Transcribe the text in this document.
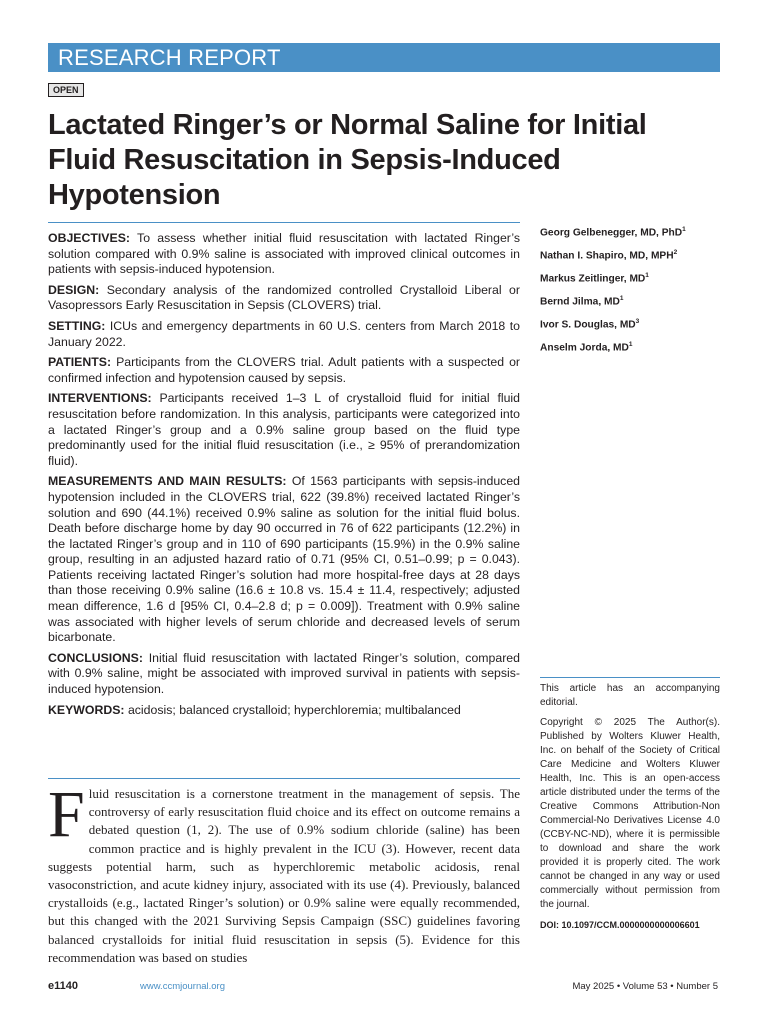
RESEARCH REPORT
OPEN
Lactated Ringer’s or Normal Saline for Initial Fluid Resuscitation in Sepsis-Induced Hypotension

OBJECTIVES: To assess whether initial fluid resuscitation with lactated Ringer’s solution compared with 0.9% saline is associated with improved clinical outcomes in patients with sepsis-induced hypotension.

DESIGN: Secondary analysis of the randomized controlled Crystalloid Liberal or Vasopressors Early Resuscitation in Sepsis (CLOVERS) trial.

SETTING: ICUs and emergency departments in 60 U.S. centers from March 2018 to January 2022.

PATIENTS: Participants from the CLOVERS trial. Adult patients with a suspected or confirmed infection and hypotension caused by sepsis.

INTERVENTIONS: Participants received 1–3 L of crystalloid fluid for initial fluid resuscitation before randomization. In this analysis, participants were categorized into a lactated Ringer’s group and a 0.9% saline group based on the fluid type predominantly used for the initial fluid resuscitation (i.e., ≥ 95% of prerandomization fluid).

MEASUREMENTS AND MAIN RESULTS: Of 1563 participants with sepsis-induced hypotension included in the CLOVERS trial, 622 (39.8%) received lactated Ringer’s solution and 690 (44.1%) received 0.9% saline as solution for the initial fluid bolus. Death before discharge home by day 90 occurred in 76 of 622 participants (12.2%) in the lactated Ringer’s group and in 110 of 690 participants (15.9%) in the 0.9% saline group, resulting in an adjusted hazard ratio of 0.71 (95% CI, 0.51–0.99; p = 0.043). Patients receiving lactated Ringer’s solution had more hospital-free days at 28 days than those receiving 0.9% saline (16.6 ± 10.8 vs. 15.4 ± 11.4, respectively; adjusted mean difference, 1.6 d [95% CI, 0.4–2.8 d; p = 0.009]). Treatment with 0.9% saline was associated with higher levels of serum chloride and decreased levels of serum bicarbonate.

CONCLUSIONS: Initial fluid resuscitation with lactated Ringer’s solution, compared with 0.9% saline, might be associated with improved survival in patients with sepsis-induced hypotension.

KEYWORDS: acidosis; balanced crystalloid; hyperchloremia; multibalanced

Georg Gelbenegger, MD, PhD$^1$
Nathan I. Shapiro, MD, MPH$^2$
Markus Zeitlinger, MD$^1$
Bernd Jilma, MD$^1$
Ivor S. Douglas, MD$^3$
Anselm Jorda, MD$^1$

This article has an accompanying editorial.

Copyright © 2025 The Author(s). Published by Wolters Kluwer Health, Inc. on behalf of the Society of Critical Care Medicine and Wolters Kluwer Health, Inc. This is an open-access article distributed under the terms of the Creative Commons Attribution-Non Commercial-No Derivatives License 4.0 (CCBY-NC-ND), where it is permissible to download and share the work provided it is properly cited. The work cannot be changed in any way or used commercially without permission from the journal.

DOI: 10.1097/CCM.0000000000006601

Fluid resuscitation is a cornerstone treatment in the management of sepsis. The controversy of early resuscitation fluid choice and its effect on outcome remains a debated question (1, 2). The use of 0.9% sodium chloride (saline) has been common practice and is highly prevalent in the ICU (3). However, recent data suggests potential harm, such as hyperchloremic metabolic acidosis, renal vasoconstriction, and acute kidney injury, associated with its use (4). Previously, balanced crystalloids (e.g., lactated Ringer’s solution) or 0.9% saline were equally recommended, but this changed with the 2021 Surviving Sepsis Campaign (SSC) guidelines favoring balanced crystalloids for initial fluid resuscitation in sepsis (5). Evidence for this recommendation was based on studies
e1140	www.ccmjournal.org	May 2025 • Volume 53 • Number 5
